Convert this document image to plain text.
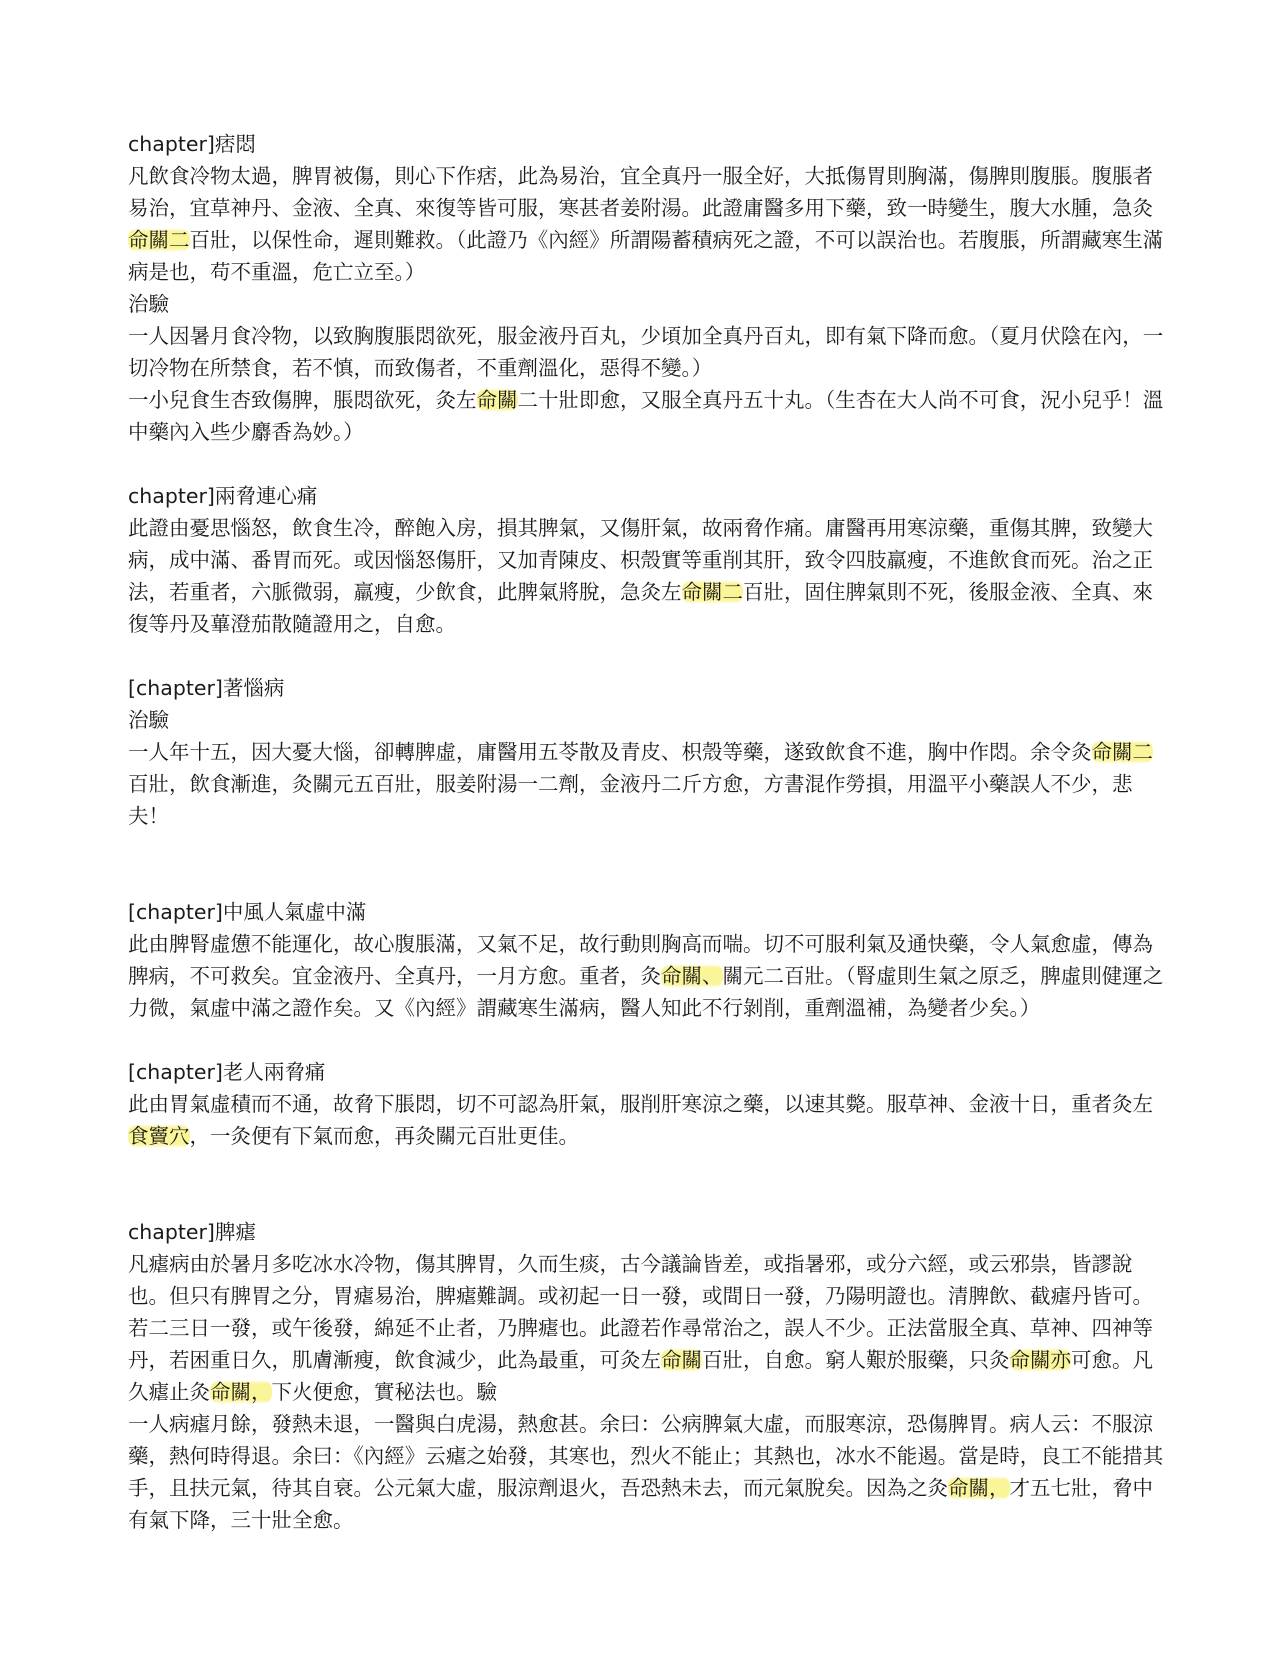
chapter]痞悶

凡飲食冷物太過，脾胃被傷，則心下作痞，此為易治，宜全真丹一服全好，大抵傷胃則胸滿，傷脾則腹脹。腹脹者易治，宜草神丹、金液、全真、來復等皆可服，寒甚者姜附湯。此證庸醫多用下藥，致一時變生，腹大水腫，急灸命關二百壯，以保性命，遲則難救。（此證乃《內經》所謂陽蓄積病死之證，不可以誤治也。若腹脹，所謂藏寒生滿病是也，苟不重溫，危亡立至。）

治驗

一人因暑月食冷物，以致胸腹脹悶欲死，服金液丹百丸，少頃加全真丹百丸，即有氣下降而愈。（夏月伏陰在內，一切冷物在所禁食，若不慎，而致傷者，不重劑溫化，惡得不變。）

一小兒食生杏致傷脾，脹悶欲死，灸左命關二十壯即愈，又服全真丹五十丸。（生杏在大人尚不可食，況小兒乎！溫中藥內入些少麝香為妙。）

chapter]兩脅連心痛

此證由憂思惱怒，飲食生冷，醉飽入房，損其脾氣，又傷肝氣，故兩脅作痛。庸醫再用寒涼藥，重傷其脾，致變大病，成中滿、番胃而死。或因惱怒傷肝，又加青陳皮、枳殼實等重削其肝，致令四肢羸瘦，不進飲食而死。治之正法，若重者，六脈微弱，羸瘦，少飲食，此脾氣將脫，急灸左命關二百壯，固住脾氣則不死，後服金液、全真、來復等丹及蓽澄茄散隨證用之，自愈。

[chapter]著惱病

治驗

一人年十五，因大憂大惱，卻轉脾虛，庸醫用五苓散及青皮、枳殼等藥，遂致飲食不進，胸中作悶。余令灸命關二百壯，飲食漸進，灸關元五百壯，服姜附湯一二劑，金液丹二斤方愈，方書混作勞損，用溫平小藥誤人不少，悲夫！

[chapter]中風人氣虛中滿

此由脾腎虛憊不能運化，故心腹脹滿，又氣不足，故行動則胸高而喘。切不可服利氣及通快藥，令人氣愈虛，傳為脾病，不可救矣。宜金液丹、全真丹，一月方愈。重者，灸命關、關元二百壯。（腎虛則生氣之原乏，脾虛則健運之力微，氣虛中滿之證作矣。又《內經》謂藏寒生滿病，醫人知此不行剝削，重劑溫補，為變者少矣。）

[chapter]老人兩脅痛

此由胃氣虛積而不通，故脅下脹悶，切不可認為肝氣，服削肝寒涼之藥，以速其斃。服草神、金液十日，重者灸左食竇穴，一灸便有下氣而愈，再灸關元百壯更佳。

chapter]脾瘧

凡瘧病由於暑月多吃冰水冷物，傷其脾胃，久而生痰，古今議論皆差，或指暑邪，或分六經，或云邪祟，皆謬說也。但只有脾胃之分，胃瘧易治，脾瘧難調。或初起一日一發，或間日一發，乃陽明證也。清脾飲、截瘧丹皆可。若二三日一發，或午後發，綿延不止者，乃脾瘧也。此證若作尋常治之，誤人不少。正法當服全真、草神、四神等丹，若困重日久，肌膚漸瘦，飲食減少，此為最重，可灸左命關百壯，自愈。窮人艱於服藥，只灸命關亦可愈。凡久瘧止灸命關，下火便愈，實秘法也。驗

一人病瘧月餘，發熱未退，一醫與白虎湯，熱愈甚。余曰：公病脾氣大虛，而服寒涼，恐傷脾胃。病人云：不服涼藥，熱何時得退。余曰：《內經》云瘧之始發，其寒也，烈火不能止；其熱也，冰水不能遏。當是時，良工不能措其手，且扶元氣，待其自衰。公元氣大虛，服涼劑退火，吾恐熱未去，而元氣脫矣。因為之灸命關，才五七壯，脅中有氣下降，三十壯全愈。
